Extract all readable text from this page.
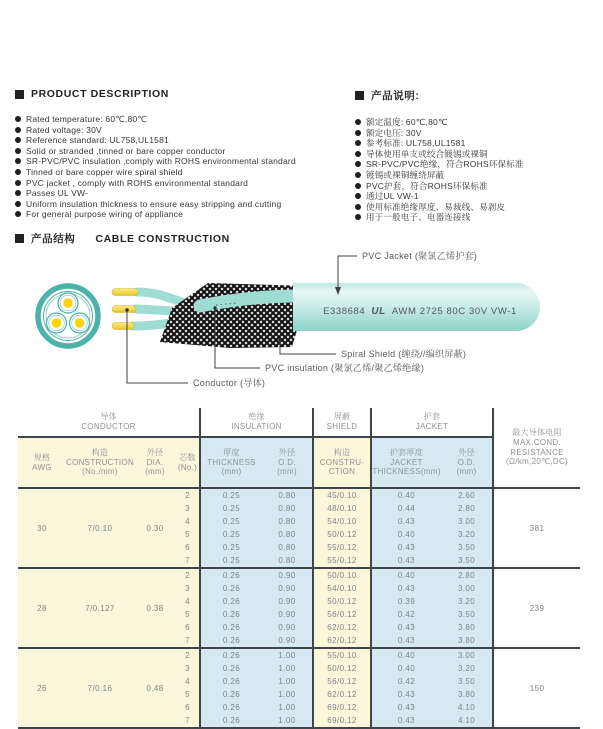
PRODUCT DESCRIPTION
Rated temperature: 60℃,80℃
Rated voltage: 30V
Reference standard: UL758,UL1581
Solid or stranded ,tinned or bare copper conductor
SR-PVC/PVC insulation ,comply with ROHS environmental standard
Tinned or bare copper wire spiral shield
PVC jacket , comply with ROHS environmental standard
Passes UL VW-
Uniform insulation thickness to ensure easy stripping and cutting
For general purpose wiring of appliance
产品说明:
额定温度: 60℃,80℃
额定电压: 30V
参考标准: UL758,UL1581
导体使用单支或绞合镀锡或裸铜
SR-PVC/PVC绝缘，符合ROHS环保标准
镀锡或裸铜缠绕屏蔽
PVC护套，符合ROHS环保标准
通过UL VW-1
使用标准绝缘厚度、易裁线、易剥皮
用于一般电子、电器连接线
产品结构 CABLE CONSTRUCTION
E338684 UL AWM 2725 80C 30V VW-1
PVC Jacket (聚氯乙烯护套)
Spiral Shield (缠绕//编织屏蔽)
PVC insulation (聚氯乙烯/聚乙烯绝缘)
Conductor (导体)
导体
CONDUCTOR

绝缘
INSULATION

屏蔽
SHIELD

护套
JACKET

最大导体电阻
MAX.COND.
RESISTANCE
(Ω/km,20℃,DC)

规格
AWG

构造
CONSTRUCTION
(No./mm)

外径
DIA.
(mm)

芯数
(No.)

厚度
THICKNESS
(mm)

外径
O.D.
(mm)

构造
CONSTRU-
CTION

护套厚度
JACKET
THICKNESS(mm)

外径
O.D.
(mm)

30	7/0.10	0.30	2	0.25	0.80	45/0.10	0.40	2.60	381
			3	0.25	0.80	48/0.10	0.44	2.80	
			4	0.25	0.80	54/0.10	0.43	3.00	
			5	0.25	0.80	50/0.12	0.40	3.20	
			6	0.25	0.80	55/0.12	0.43	3.50	
			7	0.25	0.80	55/0.12	0.43	3.50	
28	7/0.127	0.38	2	0.26	0.90	50/0.10	0.40	2.80	239
			3	0.26	0.90	54/0.10	0.43	3.00	
			4	0.26	0.90	50/0.12	0.39	3.20	
			5	0.26	0.90	56/0.12	0.42	3.50	
			6	0.26	0.90	62/0.12	0.43	3.80	
			7	0.26	0.90	62/0.12	0.43	3.80	
26	7/0.16	0.48	2	0.26	1.00	55/0.10	0.40	3.00	150
			3	0.26	1.00	50/0.12	0.40	3.20	
			4	0.26	1.00	56/0.12	0.42	3.50	
			5	0.26	1.00	62/0.12	0.43	3.80	
			6	0.26	1.00	69/0.12	0.43	4.10	
			7	0.26	1.00	69/0.12	0.43	4.10	
